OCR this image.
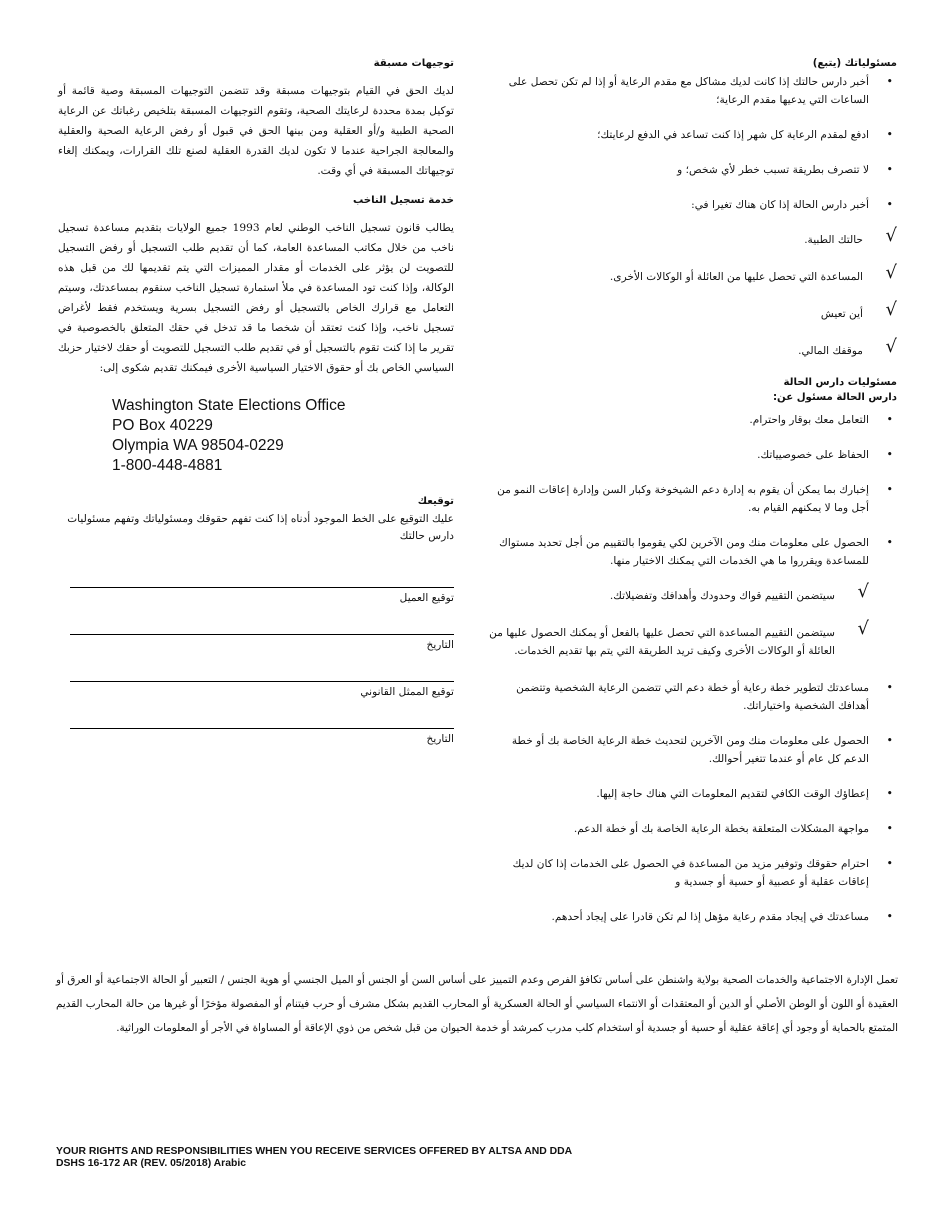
مسئولياتك (يتبع)
• أخبر دارس حالتك إذا كانت لديك مشاكل مع مقدم الرعاية أو إذا لم تكن تحصل على الساعات التي يدعيها مقدم الرعاية؛
• ادفع لمقدم الرعاية كل شهر إذا كنت تساعد في الدفع لرعايتك؛
• لا تتصرف بطريقة تسبب خطر لأي شخص؛ و
• أخبر دارس الحالة إذا كان هناك تغيرا في:
√
حالتك الطبية.
√
المساعدة التي تحصل عليها من العائلة أو الوكالات الأخرى.
√
أين تعيش
√
موقفك المالي.
مسئوليات دارس الحالة
دارس الحالة مسئول عن:
• التعامل معك بوقار واحترام.
• الحفاظ على خصوصيياتك.
• إخبارك بما يمكن أن يقوم به إدارة دعم الشيخوخة وكبار السن وإدارة إعاقات النمو من أجل وما لا يمكنهم القيام به.
• الحصول على معلومات منك ومن الآخرين لكي يقوموا بالتقييم من أجل تحديد مستواك للمساعدة ويقرروا ما هي الخدمات التي يمكنك الاختيار منها.
√
سيتضمن التقييم قواك وحدودك وأهدافك وتفضيلاتك.
√
سيتضمن التقييم المساعدة التي تحصل عليها بالفعل أو يمكنك الحصول عليها من العائلة أو الوكالات الأخرى وكيف تريد الطريقة التي يتم بها تقديم الخدمات.
• مساعدتك لتطوير خطة رعاية أو خطة دعم التي تتضمن الرعاية الشخصية وتتضمن أهدافك الشخصية واختياراتك.
• الحصول على معلومات منك ومن الآخرين لتحديث خطة الرعاية الخاصة بك أو خطة الدعم كل عام أو عندما تتغير أحوالك.
• إعطاؤك الوقت الكافي لتقديم المعلومات التي هناك حاجة إليها.
• مواجهة المشكلات المتعلقة بخطة الرعاية الخاصة بك أو خطة الدعم.
• احترام حقوقك وتوفير مزيد من المساعدة في الحصول على الخدمات إذا كان لديك إعاقات عقلية أو عصبية أو حسية أو جسدية و
• مساعدتك في إيجاد مقدم رعاية مؤهل إذا لم تكن قادرا على إيجاد أحدهم.
توجيهات مسبقة

لديك الحق في القيام بتوجيهات مسبقة وقد تتضمن التوجيهات المسبقة وصية قائمة أو توكيل بمدة محددة لرعايتك الصحية، وتقوم التوجيهات المسبقة بتلخيص رغباتك عن الرعاية الصحية الطبية و/أو العقلية ومن بينها الحق في قبول أو رفض الرعاية الصحية والعقلية والمعالجة الجراحية عندما لا تكون لديك القدرة العقلية لصنع تلك القرارات، ويمكنك إلغاء توجيهاتك المسبقة في أي وقت.

خدمة تسجيل الناخب

يطالب قانون تسجيل الناخب الوطني لعام 1993 جميع الولايات بتقديم مساعدة تسجيل ناخب من خلال مكاتب المساعدة العامة، كما أن تقديم طلب التسجيل أو رفض التسجيل للتصويت لن يؤثر على الخدمات أو مقدار المميزات التي يتم تقديمها لك من قبل هذه الوكالة، وإذا كنت تود المساعدة في ملأ استمارة تسجيل الناخب سنقوم بمساعدتك، وسيتم التعامل مع قرارك الخاص بالتسجيل أو رفض التسجيل بسرية ويستخدم فقط لأغراض تسجيل ناخب، وإذا كنت تعتقد أن شخصا ما قد تدخل في حقك المتعلق بالخصوصية في تقرير ما إذا كنت تقوم بالتسجيل أو في تقديم طلب التسجيل للتصويت أو حقك لاختيار حزبك السياسي الخاص بك أو حقوق الاختيار السياسية الأخرى فيمكنك تقديم شكوى إلى:

Washington State Elections Office
PO Box 40229
Olympia WA 98504-0229
1-800-448-4881
توقيعك

عليك التوقيع على الخط الموجود أدناه إذا كنت تفهم حقوقك ومسئولياتك وتفهم مسئوليات دارس حالتك

توقيع العميل
التاريخ
توقيع الممثل القانوني
التاريخ
تعمل الإدارة الاجتماعية والخدمات الصحية بولاية واشنطن على أساس تكافؤ الفرص وعدم التمييز على أساس السن أو الجنس أو الميل الجنسي أو هوية الجنس / التعبير أو الحالة الاجتماعية أو العرق أو العقيدة أو اللون أو الوطن الأصلي أو الدين أو المعتقدات أو الانتماء السياسي أو الحالة العسكرية أو المحارب القديم بشكل مشرف أو حرب فيتنام أو المفصولة مؤخرًا أو غيرها من حالة المحارب القديم المتمتع بالحماية أو وجود أي إعاقة عقلية أو حسية أو جسدية أو استخدام كلب مدرب كمرشد أو خدمة الحيوان من قبل شخص من ذوي الإعاقة أو المساواة في الأجر أو المعلومات الوراثية.
YOUR RIGHTS AND RESPONSIBILITIES WHEN YOU RECEIVE SERVICES OFFERED BY ALTSA AND DDA
DSHS 16-172 AR (REV. 05/2018) Arabic
